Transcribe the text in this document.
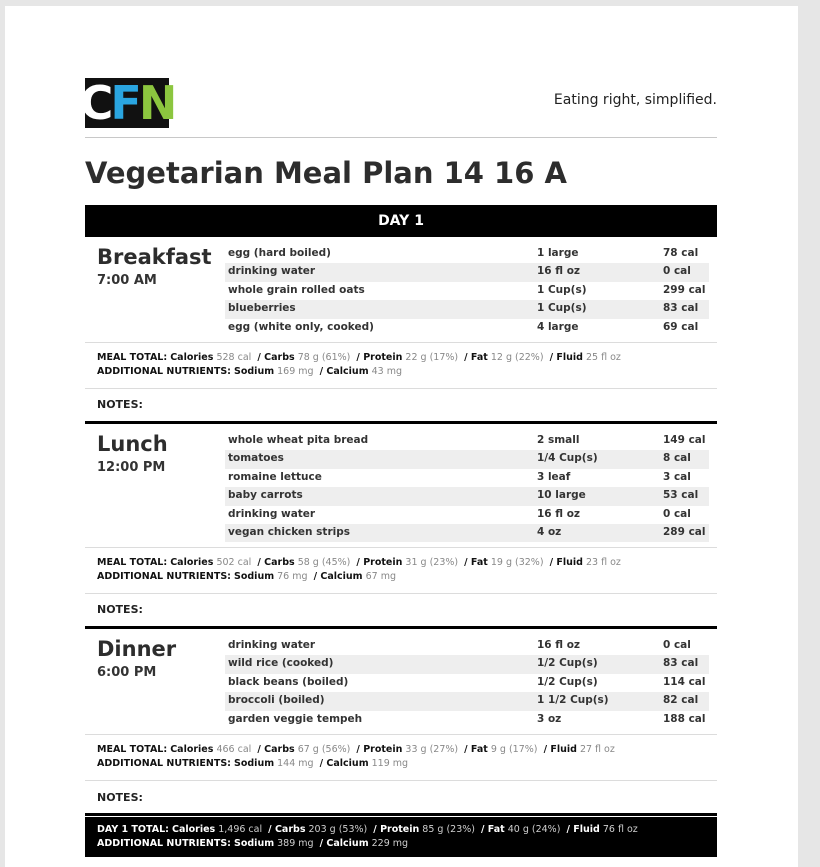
C F N	Eating right, simplified.
Vegetarian Meal Plan 14 16 A
DAY 1
Breakfast
7:00 AM
egg (hard boiled)	1 large	78 cal
drinking water	16 fl oz	0 cal
whole grain rolled oats	1 Cup(s)	299 cal
blueberries	1 Cup(s)	83 cal
egg (white only, cooked)	4 large	69 cal
MEAL TOTAL: Calories 528 cal / Carbs 78 g (61%) / Protein 22 g (17%) / Fat 12 g (22%) / Fluid 25 fl oz
ADDITIONAL NUTRIENTS: Sodium 169 mg / Calcium 43 mg
NOTES:
Lunch
12:00 PM
whole wheat pita bread	2 small	149 cal
tomatoes	1/4 Cup(s)	8 cal
romaine lettuce	3 leaf	3 cal
baby carrots	10 large	53 cal
drinking water	16 fl oz	0 cal
vegan chicken strips	4 oz	289 cal
MEAL TOTAL: Calories 502 cal / Carbs 58 g (45%) / Protein 31 g (23%) / Fat 19 g (32%) / Fluid 23 fl oz
ADDITIONAL NUTRIENTS: Sodium 76 mg / Calcium 67 mg
NOTES:
Dinner
6:00 PM
drinking water	16 fl oz	0 cal
wild rice (cooked)	1/2 Cup(s)	83 cal
black beans (boiled)	1/2 Cup(s)	114 cal
broccoli (boiled)	1 1/2 Cup(s)	82 cal
garden veggie tempeh	3 oz	188 cal
MEAL TOTAL: Calories 466 cal / Carbs 67 g (56%) / Protein 33 g (27%) / Fat 9 g (17%) / Fluid 27 fl oz
ADDITIONAL NUTRIENTS: Sodium 144 mg / Calcium 119 mg
NOTES:
DAY 1 TOTAL: Calories 1,496 cal / Carbs 203 g (53%) / Protein 85 g (23%) / Fat 40 g (24%) / Fluid 76 fl oz
ADDITIONAL NUTRIENTS: Sodium 389 mg / Calcium 229 mg
